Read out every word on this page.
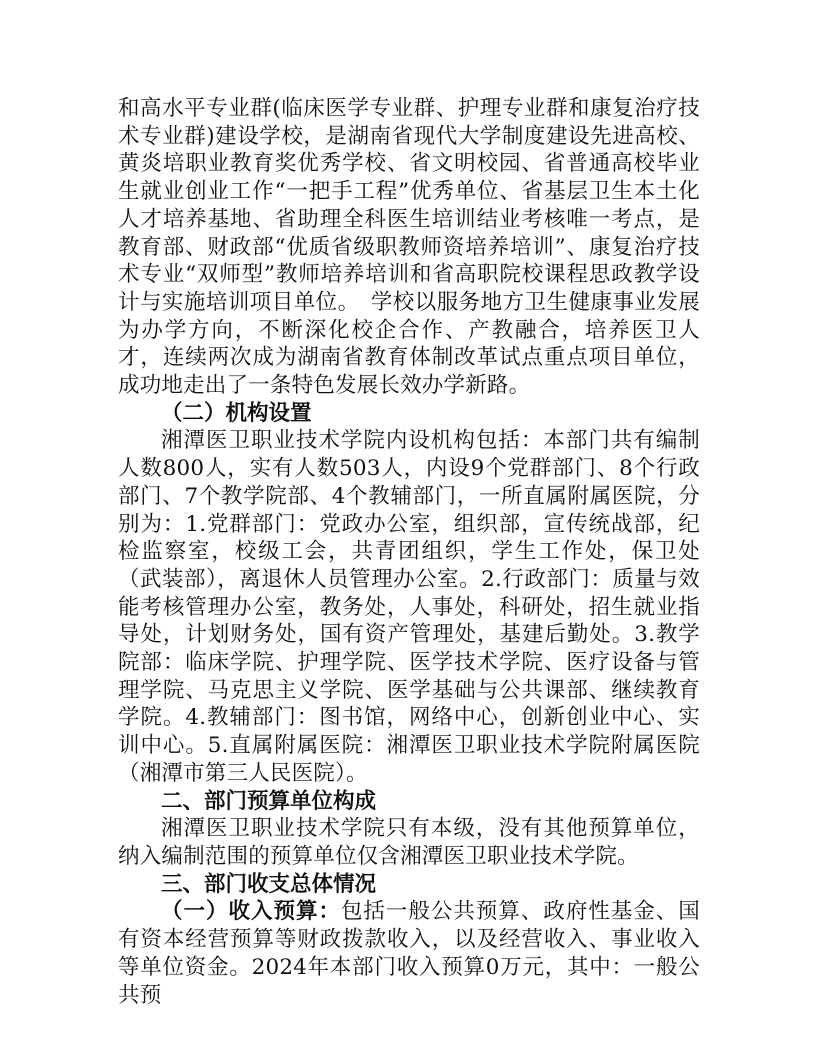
和高水平专业群(临床医学专业群、护理专业群和康复治疗技术专业群)建设学校，是湖南省现代大学制度建设先进高校、黄炎培职业教育奖优秀学校、省文明校园、省普通高校毕业生就业创业工作“一把手工程”优秀单位、省基层卫生本土化人才培养基地、省助理全科医生培训结业考核唯一考点，是教育部、财政部“优质省级职教师资培养培训”、康复治疗技术专业“双师型”教师培养培训和省高职院校课程思政教学设计与实施培训项目单位。　学校以服务地方卫生健康事业发展为办学方向，不断深化校企合作、产教融合，培养医卫人才，连续两次成为湖南省教育体制改革试点重点项目单位，成功地走出了一条特色发展长效办学新路。

（二）机构设置

湘潭医卫职业技术学院内设机构包括：本部门共有编制人数800人，实有人数503人，内设9个党群部门、8个行政部门、7个教学院部、4个教辅部门，一所直属附属医院，分别为：1.党群部门：党政办公室，组织部，宣传统战部，纪检监察室，校级工会，共青团组织，学生工作处，保卫处（武装部），离退休人员管理办公室。2.行政部门：质量与效能考核管理办公室，教务处，人事处，科研处，招生就业指导处，计划财务处，国有资产管理处，基建后勤处。3.教学院部：临床学院、护理学院、医学技术学院、医疗设备与管理学院、马克思主义学院、医学基础与公共课部、继续教育学院。4.教辅部门：图书馆，网络中心，创新创业中心、实训中心。5.直属附属医院：湘潭医卫职业技术学院附属医院（湘潭市第三人民医院）。

二、部门预算单位构成

湘潭医卫职业技术学院只有本级，没有其他预算单位，纳入编制范围的预算单位仅含湘潭医卫职业技术学院。

三、部门收支总体情况

（一）收入预算：包括一般公共预算、政府性基金、国有资本经营预算等财政拨款收入，以及经营收入、事业收入等单位资金。2024年本部门收入预算0万元，其中：一般公共预
